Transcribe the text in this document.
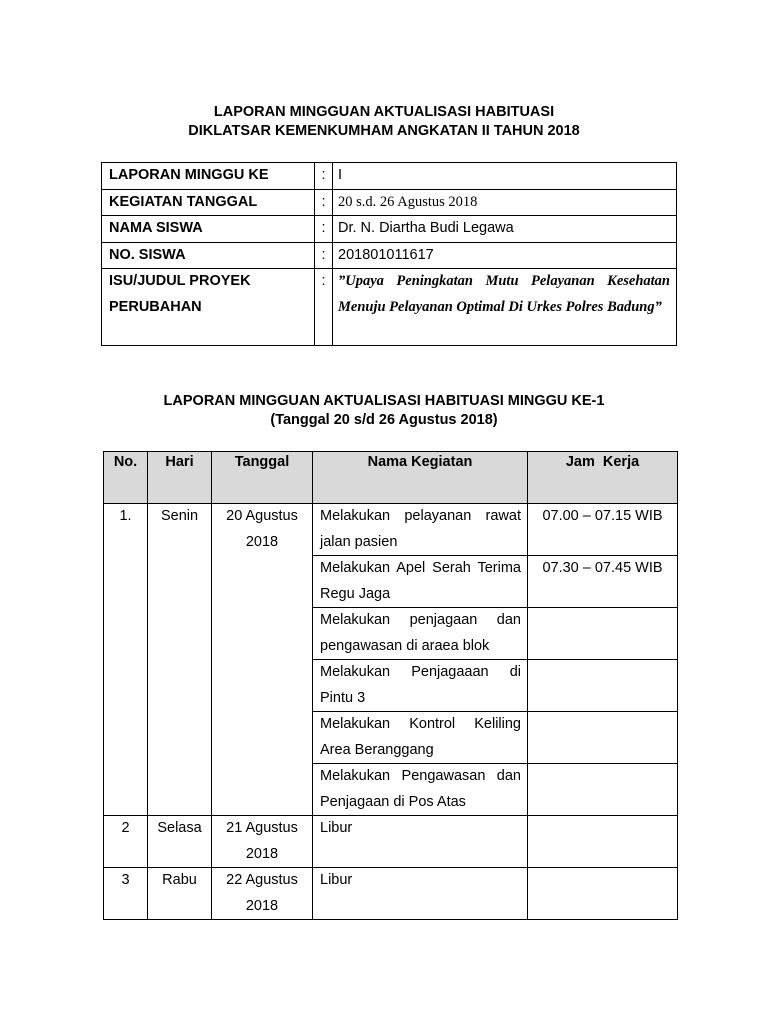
LAPORAN MINGGUAN AKTUALISASI HABITUASI
DIKLATSAR KEMENKUMHAM ANGKATAN II TAHUN 2018
LAPORAN MINGGU KE	:	I
KEGIATAN TANGGAL	:	20 s.d. 26 Agustus 2018
NAMA SISWA	:	Dr. N. Diartha Budi Legawa
NO. SISWA	:	201801011617

ISU/JUDUL PROYEK
PERUBAHAN	:	”Upaya Peningkatan Mutu Pelayanan Kesehatan Menuju Pelayanan Optimal Di Urkes Polres Badung”
LAPORAN MINGGUAN AKTUALISASI HABITUASI MINGGU KE-1
(Tanggal 20 s/d 26 Agustus 2018)
No.	Hari	Tanggal	Nama Kegiatan	Jam  Kerja
1.	Senin	20 Agustus 2018	Melakukan pelayanan rawat jalan pasien	07.00 – 07.15 WIB
			Melakukan Apel Serah Terima Regu Jaga	07.30 – 07.45 WIB
			Melakukan penjagaan dan pengawasan di araea blok	
			Melakukan Penjagaaan di Pintu 3	
			Melakukan Kontrol Keliling Area Beranggang	
			Melakukan Pengawasan dan Penjagaan di Pos Atas	
2	Selasa	21 Agustus 2018	Libur	
3	Rabu	22 Agustus 2018	Libur	
